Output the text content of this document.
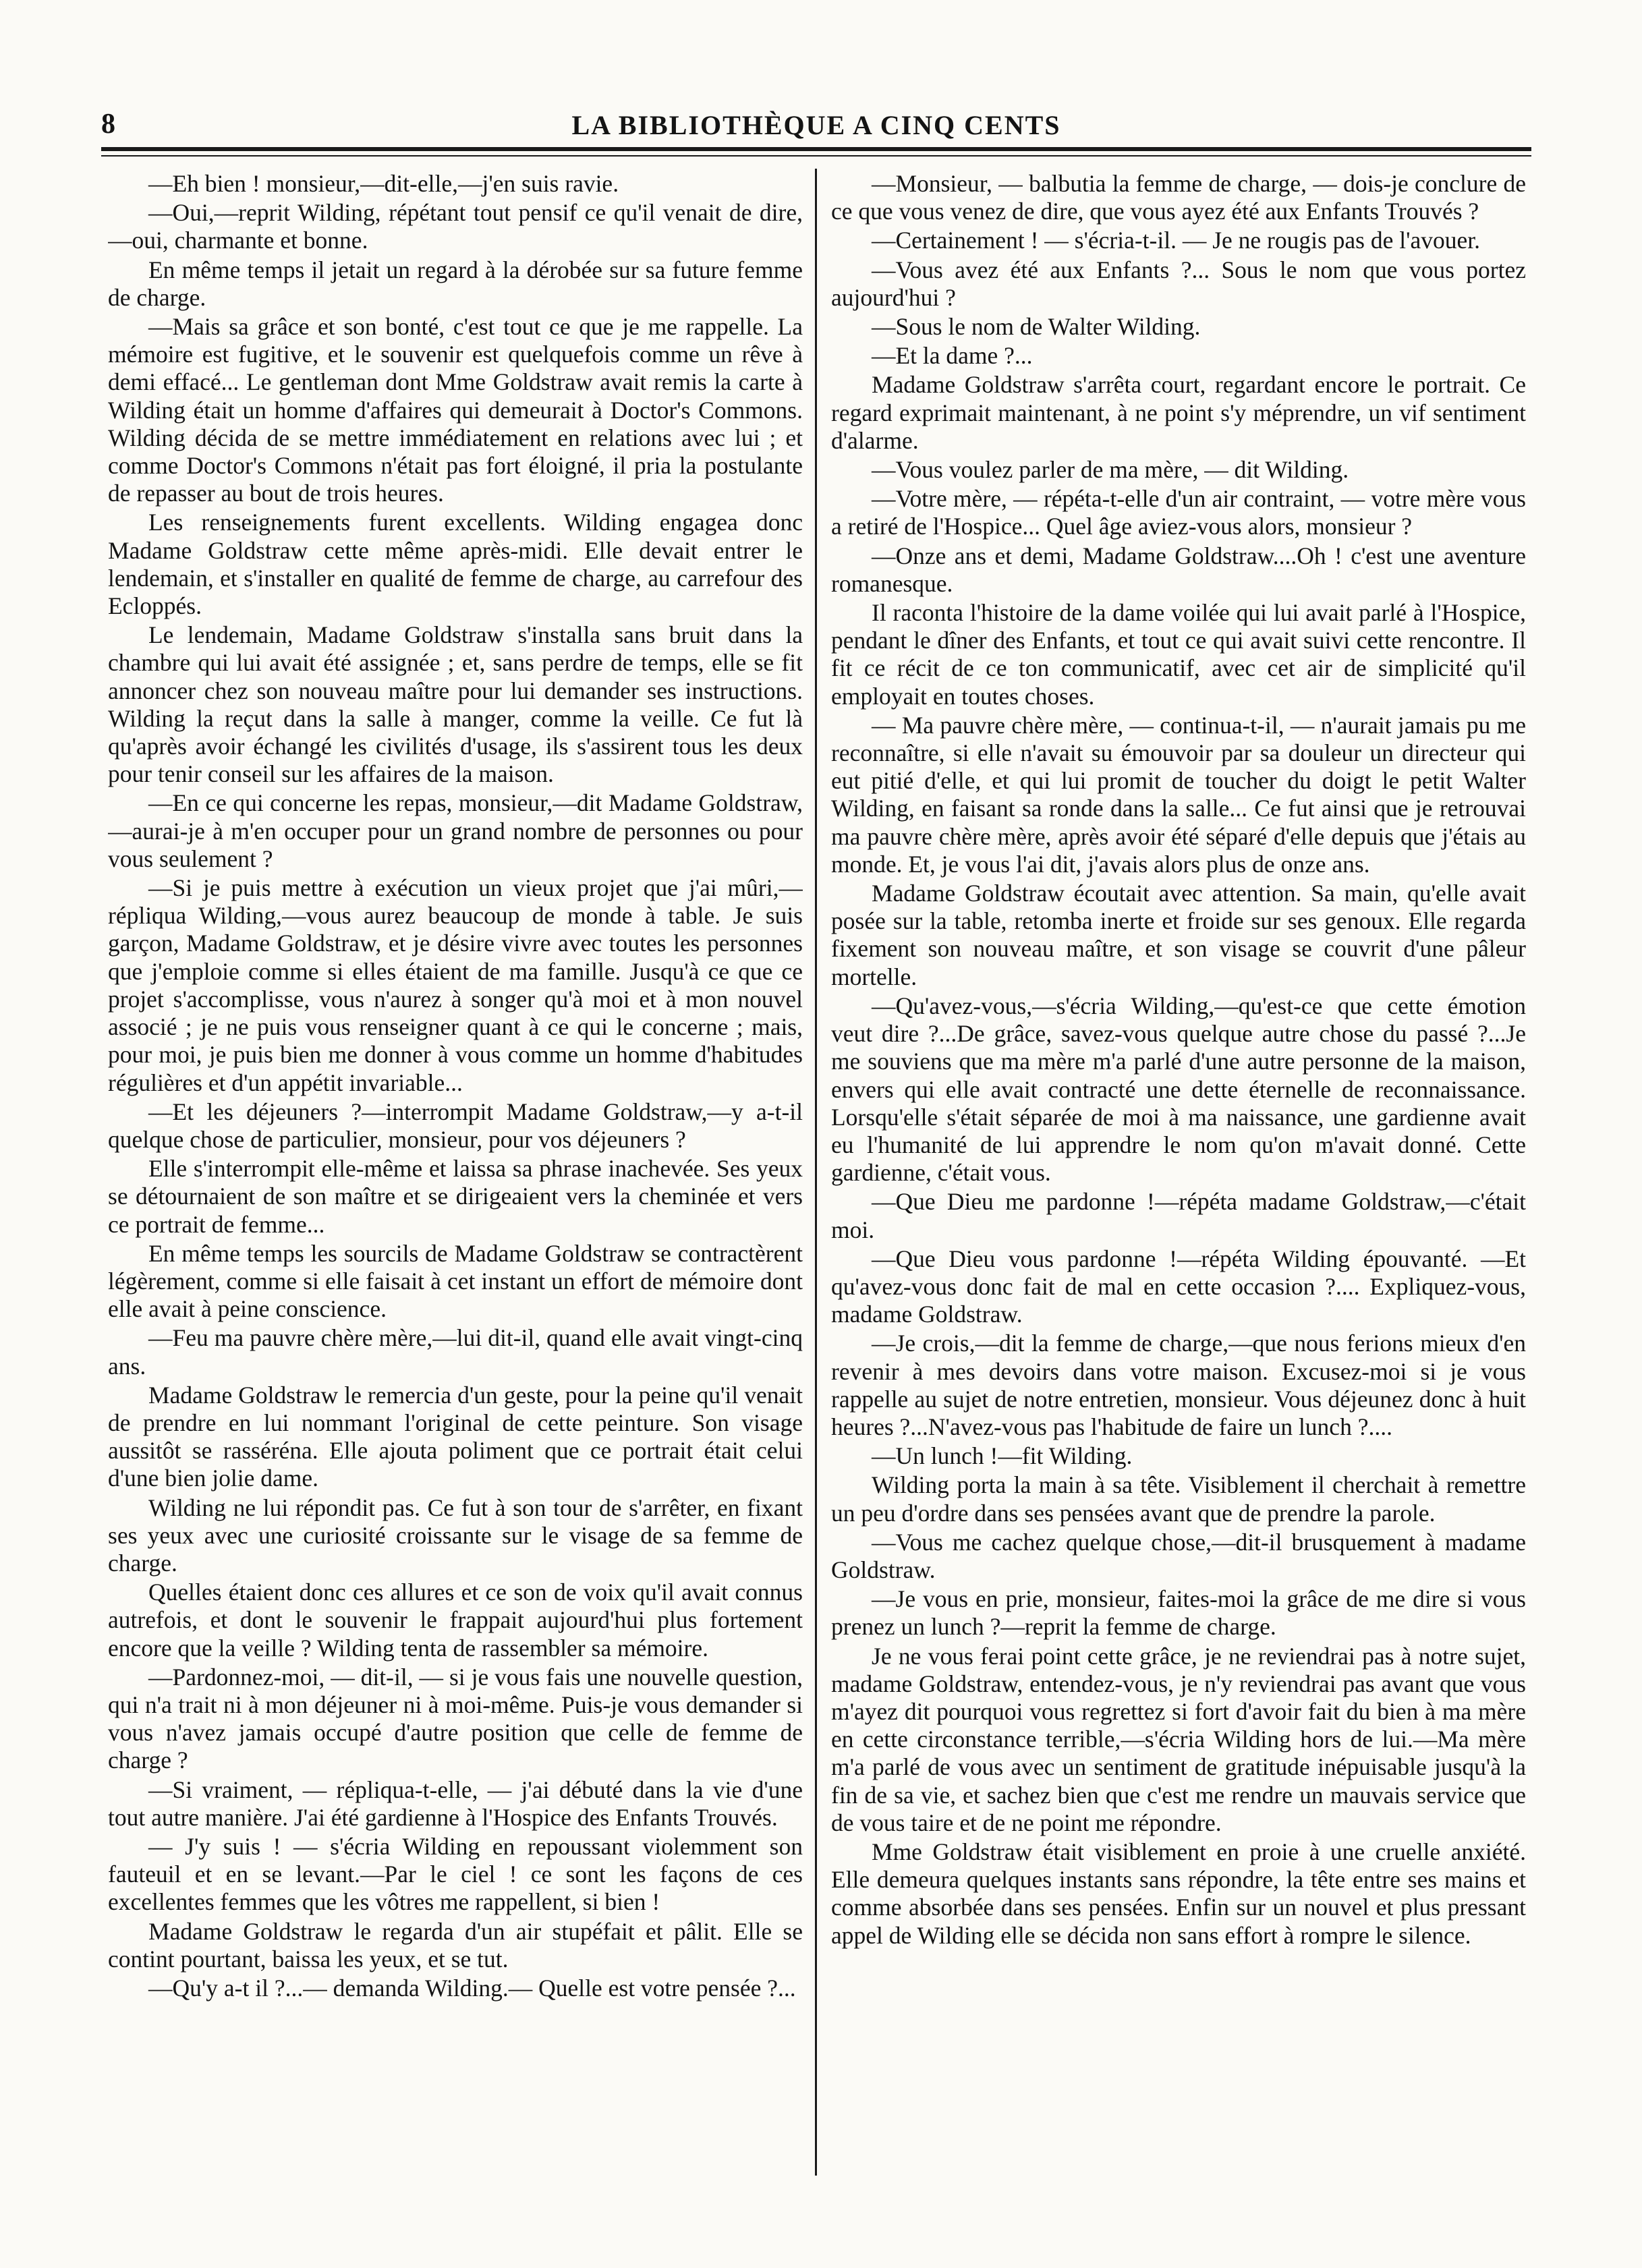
8	LA BIBLIOTHÈQUE A CINQ CENTS

—Eh bien ! monsieur,—dit-elle,—j'en suis ravie.

—Oui,—reprit Wilding, répétant tout pensif ce qu'il venait de dire,—oui, charmante et bonne.

En même temps il jetait un regard à la dérobée sur sa future femme de charge.

—Mais sa grâce et son bonté, c'est tout ce que je me rappelle. La mémoire est fugitive, et le souvenir est quelquefois comme un rêve à demi effacé... Le gentleman dont Mme Goldstraw avait remis la carte à Wilding était un homme d'affaires qui demeurait à Doctor's Commons. Wilding décida de se mettre immédiatement en relations avec lui ; et comme Doctor's Commons n'était pas fort éloigné, il pria la postulante de repasser au bout de trois heures.

Les renseignements furent excellents. Wilding engagea donc Madame Goldstraw cette même après-midi. Elle devait entrer le lendemain, et s'installer en qualité de femme de charge, au carrefour des Ecloppés.

Le lendemain, Madame Goldstraw s'installa sans bruit dans la chambre qui lui avait été assignée ; et, sans perdre de temps, elle se fit annoncer chez son nouveau maître pour lui demander ses instructions. Wilding la reçut dans la salle à manger, comme la veille. Ce fut là qu'après avoir échangé les civilités d'usage, ils s'assirent tous les deux pour tenir conseil sur les affaires de la maison.

—En ce qui concerne les repas, monsieur,—dit Madame Goldstraw,—aurai-je à m'en occuper pour un grand nombre de personnes ou pour vous seulement ?

—Si je puis mettre à exécution un vieux projet que j'ai mûri,—répliqua Wilding,—vous aurez beaucoup de monde à table. Je suis garçon, Madame Goldstraw, et je désire vivre avec toutes les personnes que j'emploie comme si elles étaient de ma famille. Jusqu'à ce que ce projet s'accomplisse, vous n'aurez à songer qu'à moi et à mon nouvel associé ; je ne puis vous renseigner quant à ce qui le concerne ; mais, pour moi, je puis bien me donner à vous comme un homme d'habitudes régulières et d'un appétit invariable...

—Et les déjeuners ?—interrompit Madame Goldstraw,—y a-t-il quelque chose de particulier, monsieur, pour vos déjeuners ?

Elle s'interrompit elle-même et laissa sa phrase inachevée. Ses yeux se détournaient de son maître et se dirigeaient vers la cheminée et vers ce portrait de femme...

En même temps les sourcils de Madame Goldstraw se contractèrent légèrement, comme si elle faisait à cet instant un effort de mémoire dont elle avait à peine conscience.

—Feu ma pauvre chère mère,—lui dit-il, quand elle avait vingt-cinq ans.

Madame Goldstraw le remercia d'un geste, pour la peine qu'il venait de prendre en lui nommant l'original de cette peinture. Son visage aussitôt se rasséréna. Elle ajouta poliment que ce portrait était celui d'une bien jolie dame.

Wilding ne lui répondit pas. Ce fut à son tour de s'arrêter, en fixant ses yeux avec une curiosité croissante sur le visage de sa femme de charge.

Quelles étaient donc ces allures et ce son de voix qu'il avait connus autrefois, et dont le souvenir le frappait aujourd'hui plus fortement encore que la veille ? Wilding tenta de rassembler sa mémoire.

—Pardonnez-moi, — dit-il, — si je vous fais une nouvelle question, qui n'a trait ni à mon déjeuner ni à moi-même. Puis-je vous demander si vous n'avez jamais occupé d'autre position que celle de femme de charge ?

—Si vraiment, — répliqua-t-elle, — j'ai débuté dans la vie d'une tout autre manière. J'ai été gardienne à l'Hospice des Enfants Trouvés.

— J'y suis ! — s'écria Wilding en repoussant violemment son fauteuil et en se levant.—Par le ciel ! ce sont les façons de ces excellentes femmes que les vôtres me rappellent, si bien !

Madame Goldstraw le regarda d'un air stupéfait et pâlit. Elle se contint pourtant, baissa les yeux, et se tut.

—Qu'y a-t il ?...— demanda Wilding.— Quelle est votre pensée ?...

—Monsieur, — balbutia la femme de charge, — dois-je conclure de ce que vous venez de dire, que vous ayez été aux Enfants Trouvés ?

—Certainement ! — s'écria-t-il. — Je ne rougis pas de l'avouer.

—Vous avez été aux Enfants ?... Sous le nom que vous portez aujourd'hui ?

—Sous le nom de Walter Wilding.

—Et la dame ?...

Madame Goldstraw s'arrêta court, regardant encore le portrait. Ce regard exprimait maintenant, à ne point s'y méprendre, un vif sentiment d'alarme.

—Vous voulez parler de ma mère, — dit Wilding.

—Votre mère, — répéta-t-elle d'un air contraint, — votre mère vous a retiré de l'Hospice... Quel âge aviez-vous alors, monsieur ?

—Onze ans et demi, Madame Goldstraw....Oh ! c'est une aventure romanesque.

Il raconta l'histoire de la dame voilée qui lui avait parlé à l'Hospice, pendant le dîner des Enfants, et tout ce qui avait suivi cette rencontre. Il fit ce récit de ce ton communicatif, avec cet air de simplicité qu'il employait en toutes choses.

— Ma pauvre chère mère, — continua-t-il, — n'aurait jamais pu me reconnaître, si elle n'avait su émouvoir par sa douleur un directeur qui eut pitié d'elle, et qui lui promit de toucher du doigt le petit Walter Wilding, en faisant sa ronde dans la salle... Ce fut ainsi que je retrouvai ma pauvre chère mère, après avoir été séparé d'elle depuis que j'étais au monde. Et, je vous l'ai dit, j'avais alors plus de onze ans.

Madame Goldstraw écoutait avec attention. Sa main, qu'elle avait posée sur la table, retomba inerte et froide sur ses genoux. Elle regarda fixement son nouveau maître, et son visage se couvrit d'une pâleur mortelle.

—Qu'avez-vous,—s'écria Wilding,—qu'est-ce que cette émotion veut dire ?...De grâce, savez-vous quelque autre chose du passé ?...Je me souviens que ma mère m'a parlé d'une autre personne de la maison, envers qui elle avait contracté une dette éternelle de reconnaissance. Lorsqu'elle s'était séparée de moi à ma naissance, une gardienne avait eu l'humanité de lui apprendre le nom qu'on m'avait donné. Cette gardienne, c'était vous.

—Que Dieu me pardonne !—répéta madame Goldstraw,—c'était moi.

—Que Dieu vous pardonne !—répéta Wilding épouvanté. —Et qu'avez-vous donc fait de mal en cette occasion ?.... Expliquez-vous, madame Goldstraw.

—Je crois,—dit la femme de charge,—que nous ferions mieux d'en revenir à mes devoirs dans votre maison. Excusez-moi si je vous rappelle au sujet de notre entretien, monsieur. Vous déjeunez donc à huit heures ?...N'avez-vous pas l'habitude de faire un lunch ?....

—Un lunch !—fit Wilding.

Wilding porta la main à sa tête. Visiblement il cherchait à remettre un peu d'ordre dans ses pensées avant que de prendre la parole.

—Vous me cachez quelque chose,—dit-il brusquement à madame Goldstraw.

—Je vous en prie, monsieur, faites-moi la grâce de me dire si vous prenez un lunch ?—reprit la femme de charge.

Je ne vous ferai point cette grâce, je ne reviendrai pas à notre sujet, madame Goldstraw, entendez-vous, je n'y reviendrai pas avant que vous m'ayez dit pourquoi vous regrettez si fort d'avoir fait du bien à ma mère en cette circonstance terrible,—s'écria Wilding hors de lui.—Ma mère m'a parlé de vous avec un sentiment de gratitude inépuisable jusqu'à la fin de sa vie, et sachez bien que c'est me rendre un mauvais service que de vous taire et de ne point me répondre.

Mme Goldstraw était visiblement en proie à une cruelle anxiété. Elle demeura quelques instants sans répondre, la tête entre ses mains et comme absorbée dans ses pensées. Enfin sur un nouvel et plus pressant appel de Wilding elle se décida non sans effort à rompre le silence.
